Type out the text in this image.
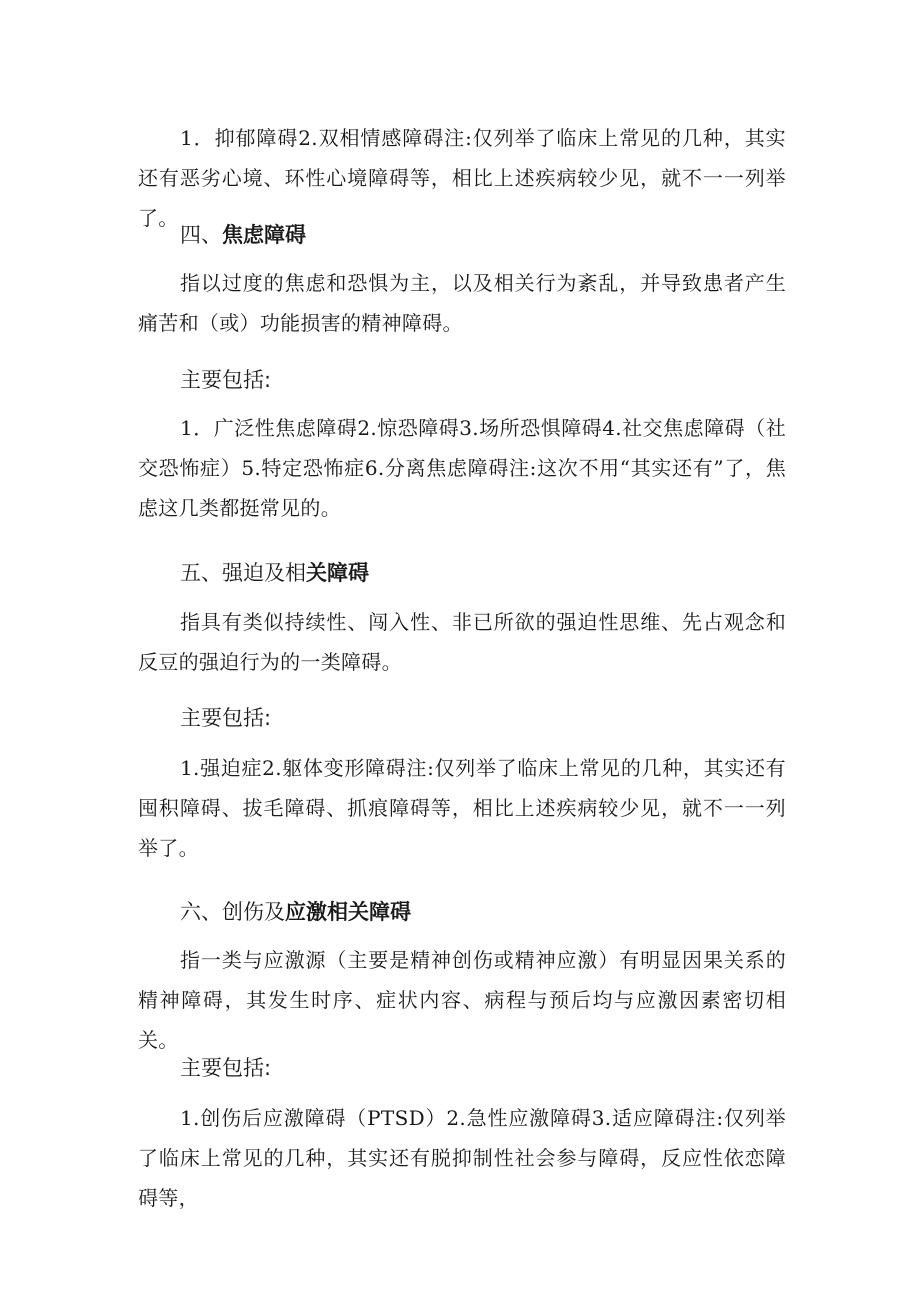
1．抑郁障碍2.双相情感障碍注:仅列举了临床上常见的几种，其实还有恶劣心境、环性心境障碍等，相比上述疾病较少见，就不一一列举了。

四、焦虑障碍

指以过度的焦虑和恐惧为主，以及相关行为紊乱，并导致患者产生痛苦和（或）功能损害的精神障碍。

主要包括:

1．广泛性焦虑障碍2.惊恐障碍3.场所恐惧障碍4.社交焦虑障碍（社交恐怖症）5.特定恐怖症6.分离焦虑障碍注:这次不用“其实还有”了，焦虑这几类都挺常见的。

五、强迫及相关障碍

指具有类似持续性、闯入性、非已所欲的强迫性思维、先占观念和反豆的强迫行为的一类障碍。

主要包括:

1.强迫症2.躯体变形障碍注:仅列举了临床上常见的几种，其实还有囤积障碍、拔毛障碍、抓痕障碍等，相比上述疾病较少见，就不一一列举了。

六、创伤及应激相关障碍

指一类与应激源（主要是精神创伤或精神应激）有明显因果关系的精神障碍，其发生时序、症状内容、病程与预后均与应激因素密切相关。

主要包括:

1.创伤后应激障碍（PTSD）2.急性应激障碍3.适应障碍注:仅列举了临床上常见的几种，其实还有脱抑制性社会参与障碍，反应性依恋障碍等，
